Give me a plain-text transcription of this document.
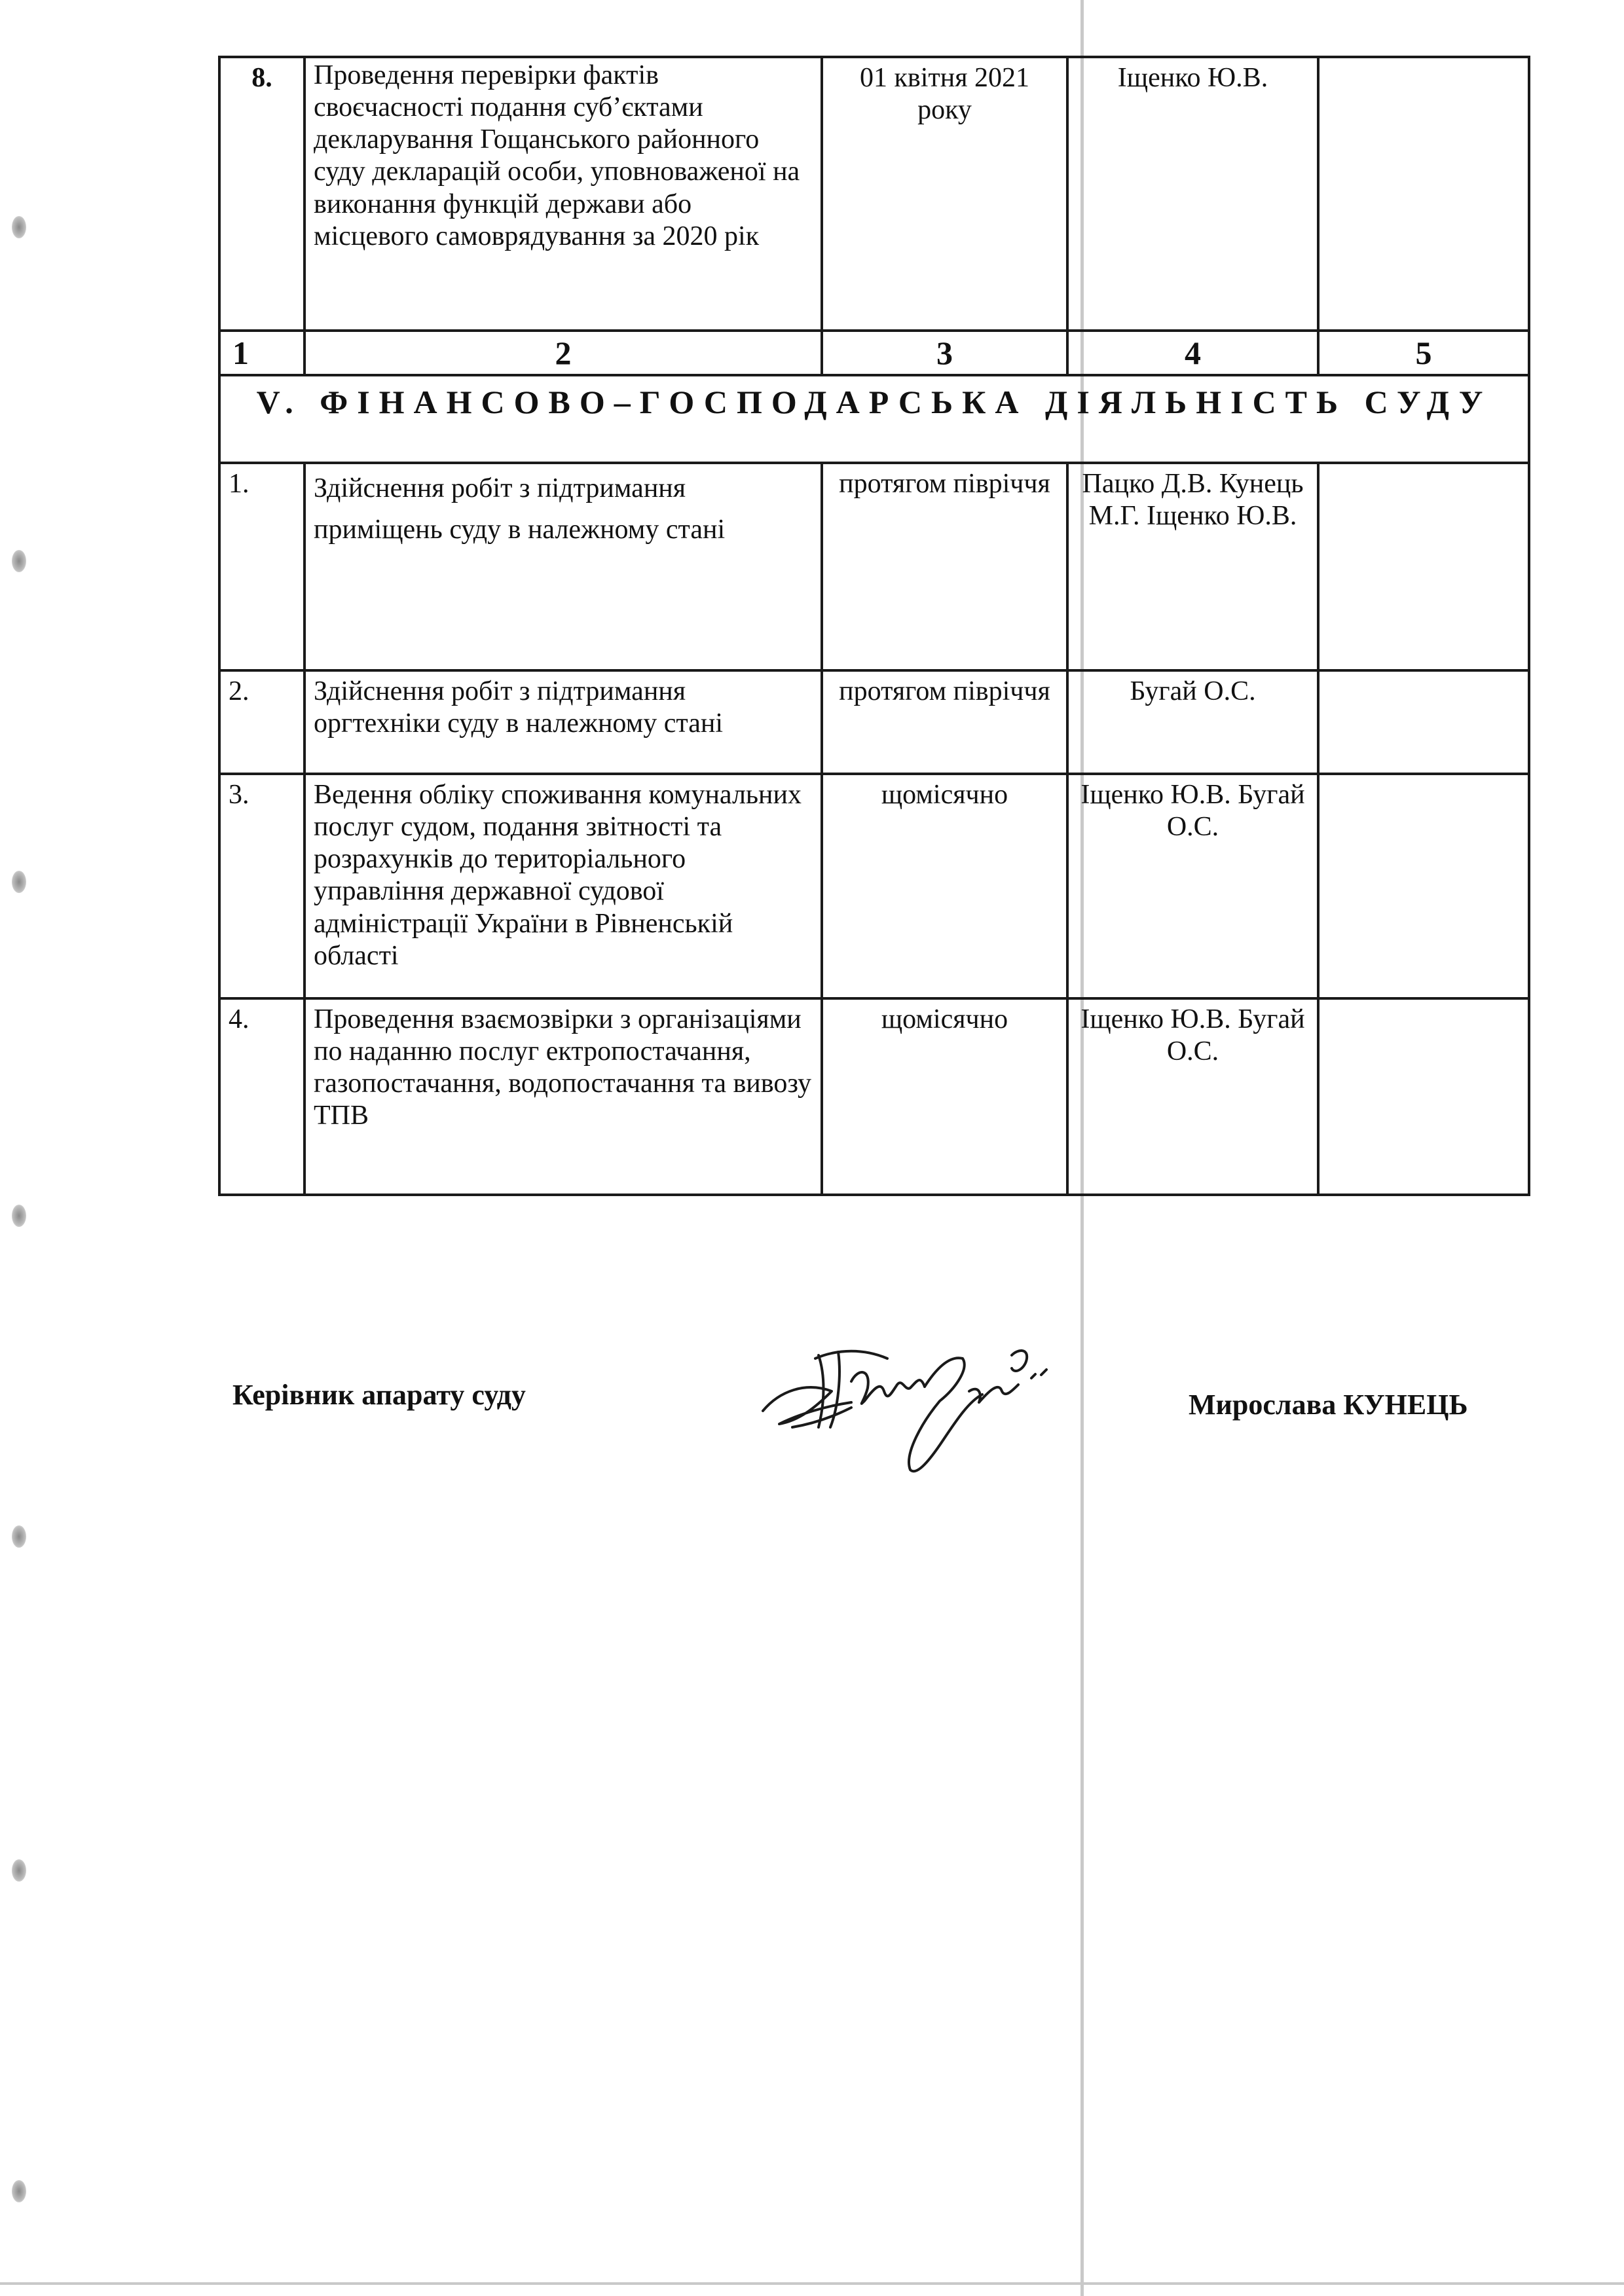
8.	Проведення перевірки фактів своєчасності подання суб’єктами декларування Гощанського районного суду декларацій особи, уповноваженої на виконання функцій держави або місцевого самоврядування за 2020 рік	01 квітня 2021 року	Іщенко Ю.В.	
1	2	3	4	5
V. ФІНАНСОВО–ГОСПОДАРСЬКА ДІЯЛЬНІСТЬ СУДУ				
1.	Здійснення робіт з підтримання приміщень суду в належному стані	протягом півріччя	Пацко Д.В. Кунець М.Г. Іщенко Ю.В.	
2.	Здійснення робіт з підтримання оргтехніки суду в належному стані	протягом півріччя	Бугай О.С.	
3.	Ведення обліку споживання комунальних послуг судом, подання звітності та розрахунків до територіального управління державної судової адміністрації України в Рівненській області	щомісячно	Іщенко Ю.В. Бугай О.С.	
4.	Проведення взаємозвірки з організаціями по наданню послуг ектропостачання, газопостачання, водопостачання та вивозу ТПВ	щомісячно	Іщенко Ю.В. Бугай О.С.	
Керівник апарату суду	Мирослава КУНЕЦЬ
